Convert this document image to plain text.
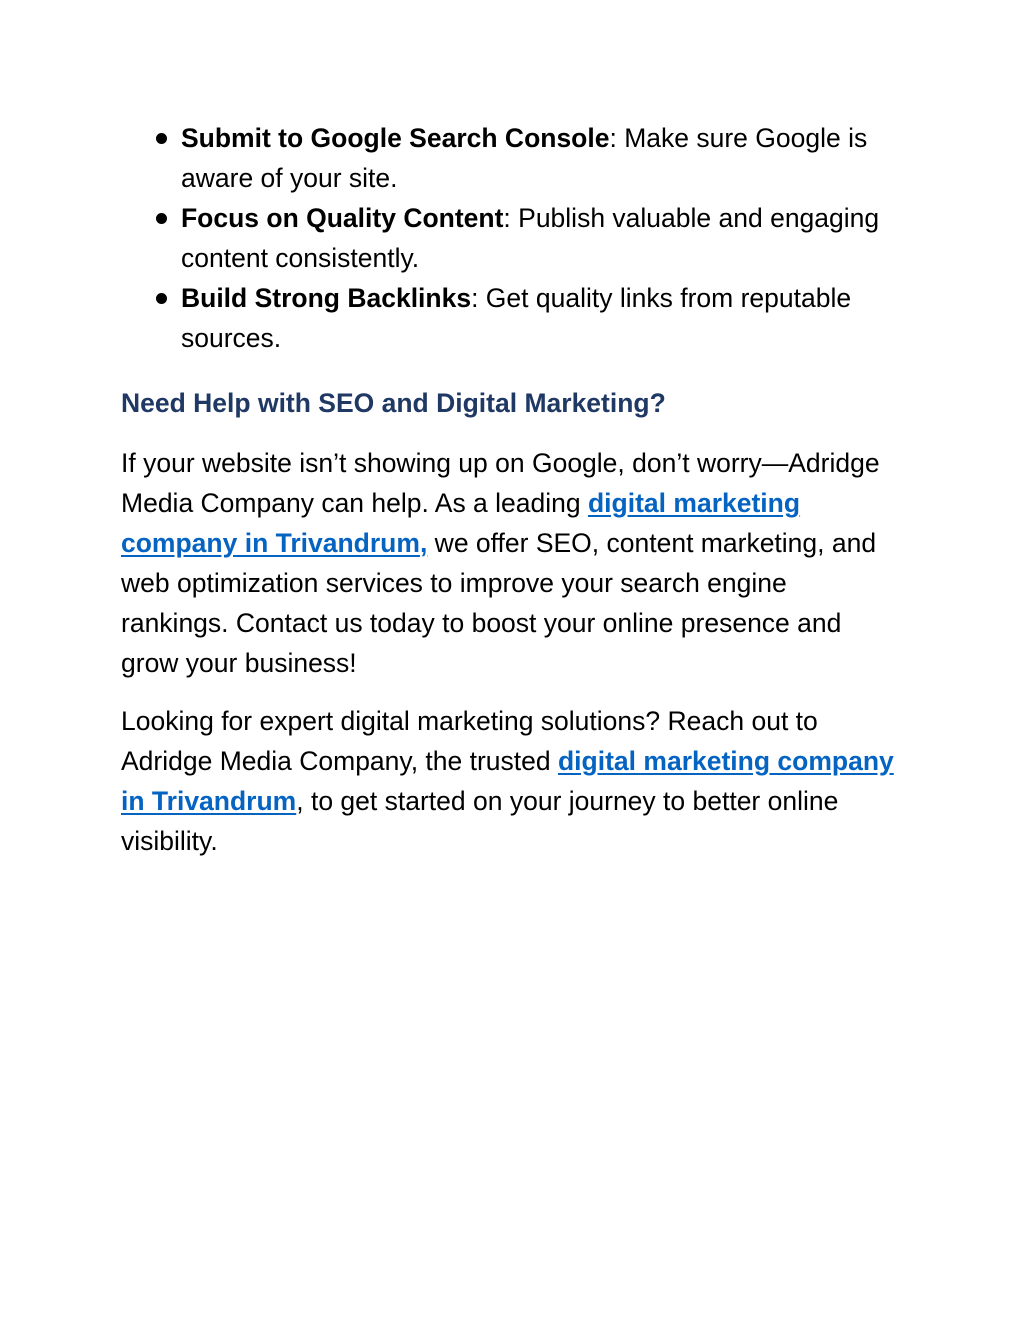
Submit to Google Search Console: Make sure Google is aware of your site.
Focus on Quality Content: Publish valuable and engaging content consistently.
Build Strong Backlinks: Get quality links from reputable sources.
Need Help with SEO and Digital Marketing?

If your website isn’t showing up on Google, don’t worry—Adridge Media Company can help. As a leading digital marketing company in Trivandrum, we offer SEO, content marketing, and web optimization services to improve your search engine rankings. Contact us today to boost your online presence and grow your business!

Looking for expert digital marketing solutions? Reach out to Adridge Media Company, the trusted digital marketing company in Trivandrum, to get started on your journey to better online visibility.
